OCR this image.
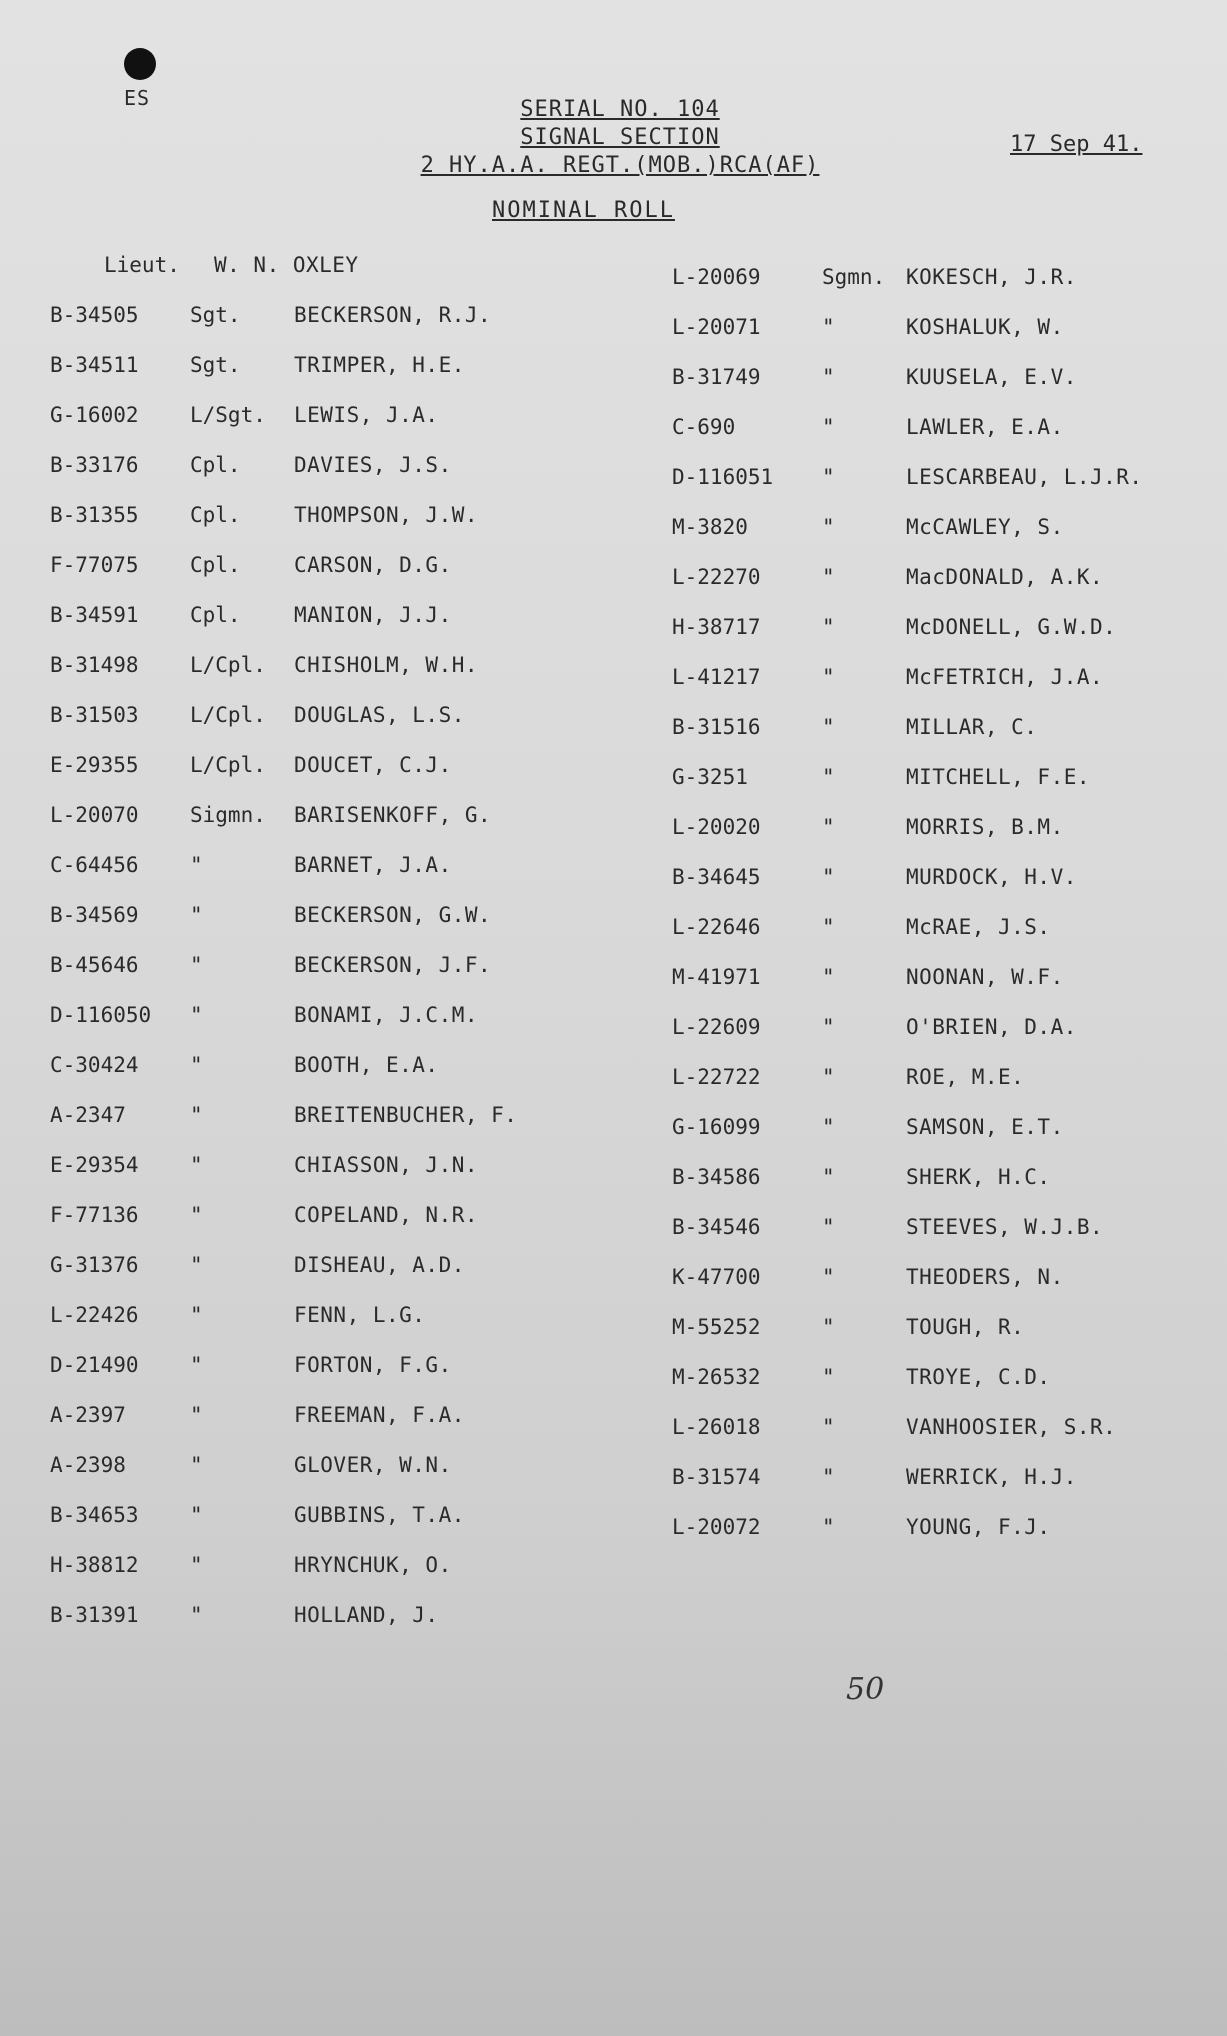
ES	SERIAL NO. 104
SIGNAL SECTION
2 HY.A.A. REGT.(MOB.)RCA(AF)
17 Sep 41.
NOMINAL ROLL
Lieut.	W. N. OXLEY
B-34505	Sgt.	BECKERSON, R.J.
B-34511	Sgt.	TRIMPER, H.E.
G-16002	L/Sgt.	LEWIS, J.A.
B-33176	Cpl.	DAVIES, J.S.
B-31355	Cpl.	THOMPSON, J.W.
F-77075	Cpl.	CARSON, D.G.
B-34591	Cpl.	MANION, J.J.
B-31498	L/Cpl.	CHISHOLM, W.H.
B-31503	L/Cpl.	DOUGLAS, L.S.
E-29355	L/Cpl.	DOUCET, C.J.
L-20070	Sigmn.	BARISENKOFF, G.
C-64456	"	BARNET, J.A.
B-34569	"	BECKERSON, G.W.
B-45646	"	BECKERSON, J.F.
D-116050	"	BONAMI, J.C.M.
C-30424	"	BOOTH, E.A.
A-2347	"	BREITENBUCHER, F.
E-29354	"	CHIASSON, J.N.
F-77136	"	COPELAND, N.R.
G-31376	"	DISHEAU, A.D.
L-22426	"	FENN, L.G.
D-21490	"	FORTON, F.G.
A-2397	"	FREEMAN, F.A.
A-2398	"	GLOVER, W.N.
B-34653	"	GUBBINS, T.A.
H-38812	"	HRYNCHUK, O.
B-31391	"	HOLLAND, J.
L-20069	Sgmn. KOKESCH, J.R.
L-20071	"	KOSHALUK, W.
B-31749	"	KUUSELA, E.V.
C-690	"	LAWLER, E.A.
D-116051	"	LESCARBEAU, L.J.R.
M-3820	"	McCAWLEY, S.
L-22270	"	MacDONALD, A.K.
H-38717	"	McDONELL, G.W.D.
L-41217	"	McFETRICH, J.A.
B-31516	"	MILLAR, C.
G-3251	"	MITCHELL, F.E.
L-20020	"	MORRIS, B.M.
B-34645	"	MURDOCK, H.V.
L-22646	"	McRAE, J.S.
M-41971	"	NOONAN, W.F.
L-22609	"	O'BRIEN, D.A.
L-22722	"	ROE, M.E.
G-16099	"	SAMSON, E.T.
B-34586	"	SHERK, H.C.
B-34546	"	STEEVES, W.J.B.
K-47700	"	THEODERS, N.
M-55252	"	TOUGH, R.
M-26532	"	TROYE, C.D.
L-26018	"	VANHOOSIER, S.R.
B-31574	"	WERRICK, H.J.
L-20072	"	YOUNG, F.J.
50
